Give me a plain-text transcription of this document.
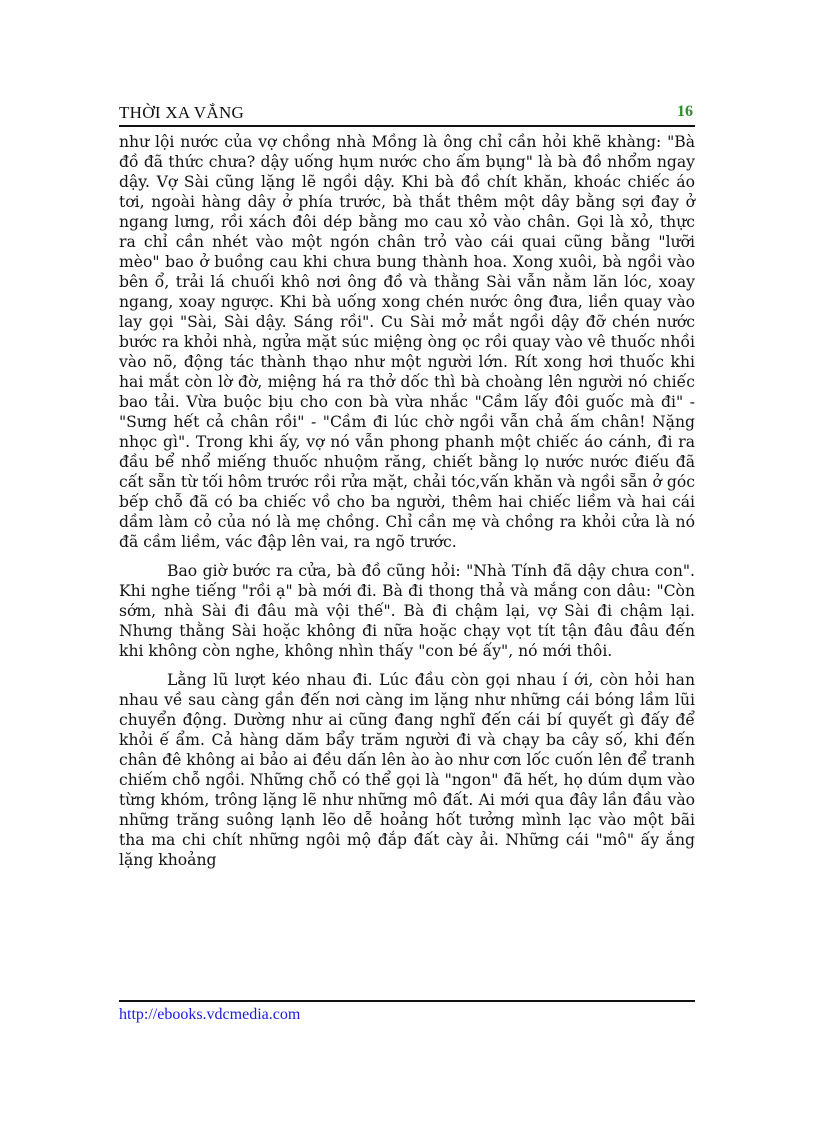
THỜI XA VẮNG	16

như lội nước của vợ chồng nhà Mồng là ông chỉ cần hỏi khẽ khàng: "Bà đồ đã thức chưa? dậy uống hụm nước cho ấm bụng" là bà đồ nhổm ngay dậy. Vợ Sài cũng lặng lẽ ngồi dậy. Khi bà đồ chít khăn, khoác chiếc áo tơi, ngoài hàng dây ở phía trước, bà thắt thêm một dây bằng sợi đay ở ngang lưng, rồi xách đôi dép bằng mo cau xỏ vào chân. Gọi là xỏ, thực ra chỉ cần nhét vào một ngón chân trỏ vào cái quai cũng bằng "lưỡi mèo" bao ở buồng cau khi chưa bung thành hoa. Xong xuôi, bà ngồi vào bên ổ, trải lá chuối khô nơi ông đồ và thằng Sài vẫn nằm lăn lóc, xoay ngang, xoay ngược. Khi bà uống xong chén nước ông đưa, liền quay vào lay gọi "Sài, Sài dậy. Sáng rồi". Cu Sài mở mắt ngồi dậy đỡ chén nước bước ra khỏi nhà, ngửa mặt súc miệng òng ọc rồi quay vào vê thuốc nhồi vào nõ, động tác thành thạo như một người lớn. Rít xong hơi thuốc khi hai mắt còn lờ đờ, miệng há ra thở dốc thì bà choàng lên người nó chiếc bao tải. Vừa buộc bịu cho con bà vừa nhắc "Cầm lấy đôi guốc mà đi" - "Sưng hết cả chân rồi" - "Cầm đi lúc chờ ngồi vẫn chả ấm chân! Nặng nhọc gì". Trong khi ấy, vợ nó vẫn phong phanh một chiếc áo cánh, đi ra đầu bể nhổ miếng thuốc nhuộm răng, chiết bằng lọ nước nước điếu đã cất sẵn từ tối hôm trước rồi rửa mặt, chải tóc,vấn khăn và ngồi sẵn ở góc bếp chỗ đã có ba chiếc vồ cho ba người, thêm hai chiếc liềm và hai cái dầm làm cỏ của nó là mẹ chồng. Chỉ cần mẹ và chồng ra khỏi cửa là nó đã cầm liềm, vác đập lên vai, ra ngõ trước.

Bao giờ bước ra cửa, bà đồ cũng hỏi: "Nhà Tính đã dậy chưa con". Khi nghe tiếng "rồi ạ" bà mới đi. Bà đi thong thả và mắng con dâu: "Còn sớm, nhà Sài đi đâu mà vội thế". Bà đi chậm lại, vợ Sài đi chậm lại. Nhưng thằng Sài hoặc không đi nữa hoặc chạy vọt tít tận đâu đâu đến khi không còn nghe, không nhìn thấy "con bé ấy", nó mới thôi.

Lằng lũ lượt kéo nhau đi. Lúc đầu còn gọi nhau í ới, còn hỏi han nhau về sau càng gần đến nơi càng im lặng như những cái bóng lầm lũi chuyển động. Dường như ai cũng đang nghĩ đến cái bí quyết gì đấy để khỏi ế ẩm. Cả hàng dăm bẩy trăm người đi và chạy ba cây số, khi đến chân đê không ai bảo ai đều dấn lên ào ào như cơn lốc cuốn lên để tranh chiếm chỗ ngồi. Những chỗ có thể gọi là "ngon" đã hết, họ dúm dụm vào từng khóm, trông lặng lẽ như những mô đất. Ai mới qua đây lần đầu vào những trăng suông lạnh lẽo dễ hoảng hốt tưởng mình lạc vào một bãi tha ma chi chít những ngôi mộ đắp đất cày ải. Những cái "mô" ấy ắng lặng khoảng

http://ebooks.vdcmedia.com
